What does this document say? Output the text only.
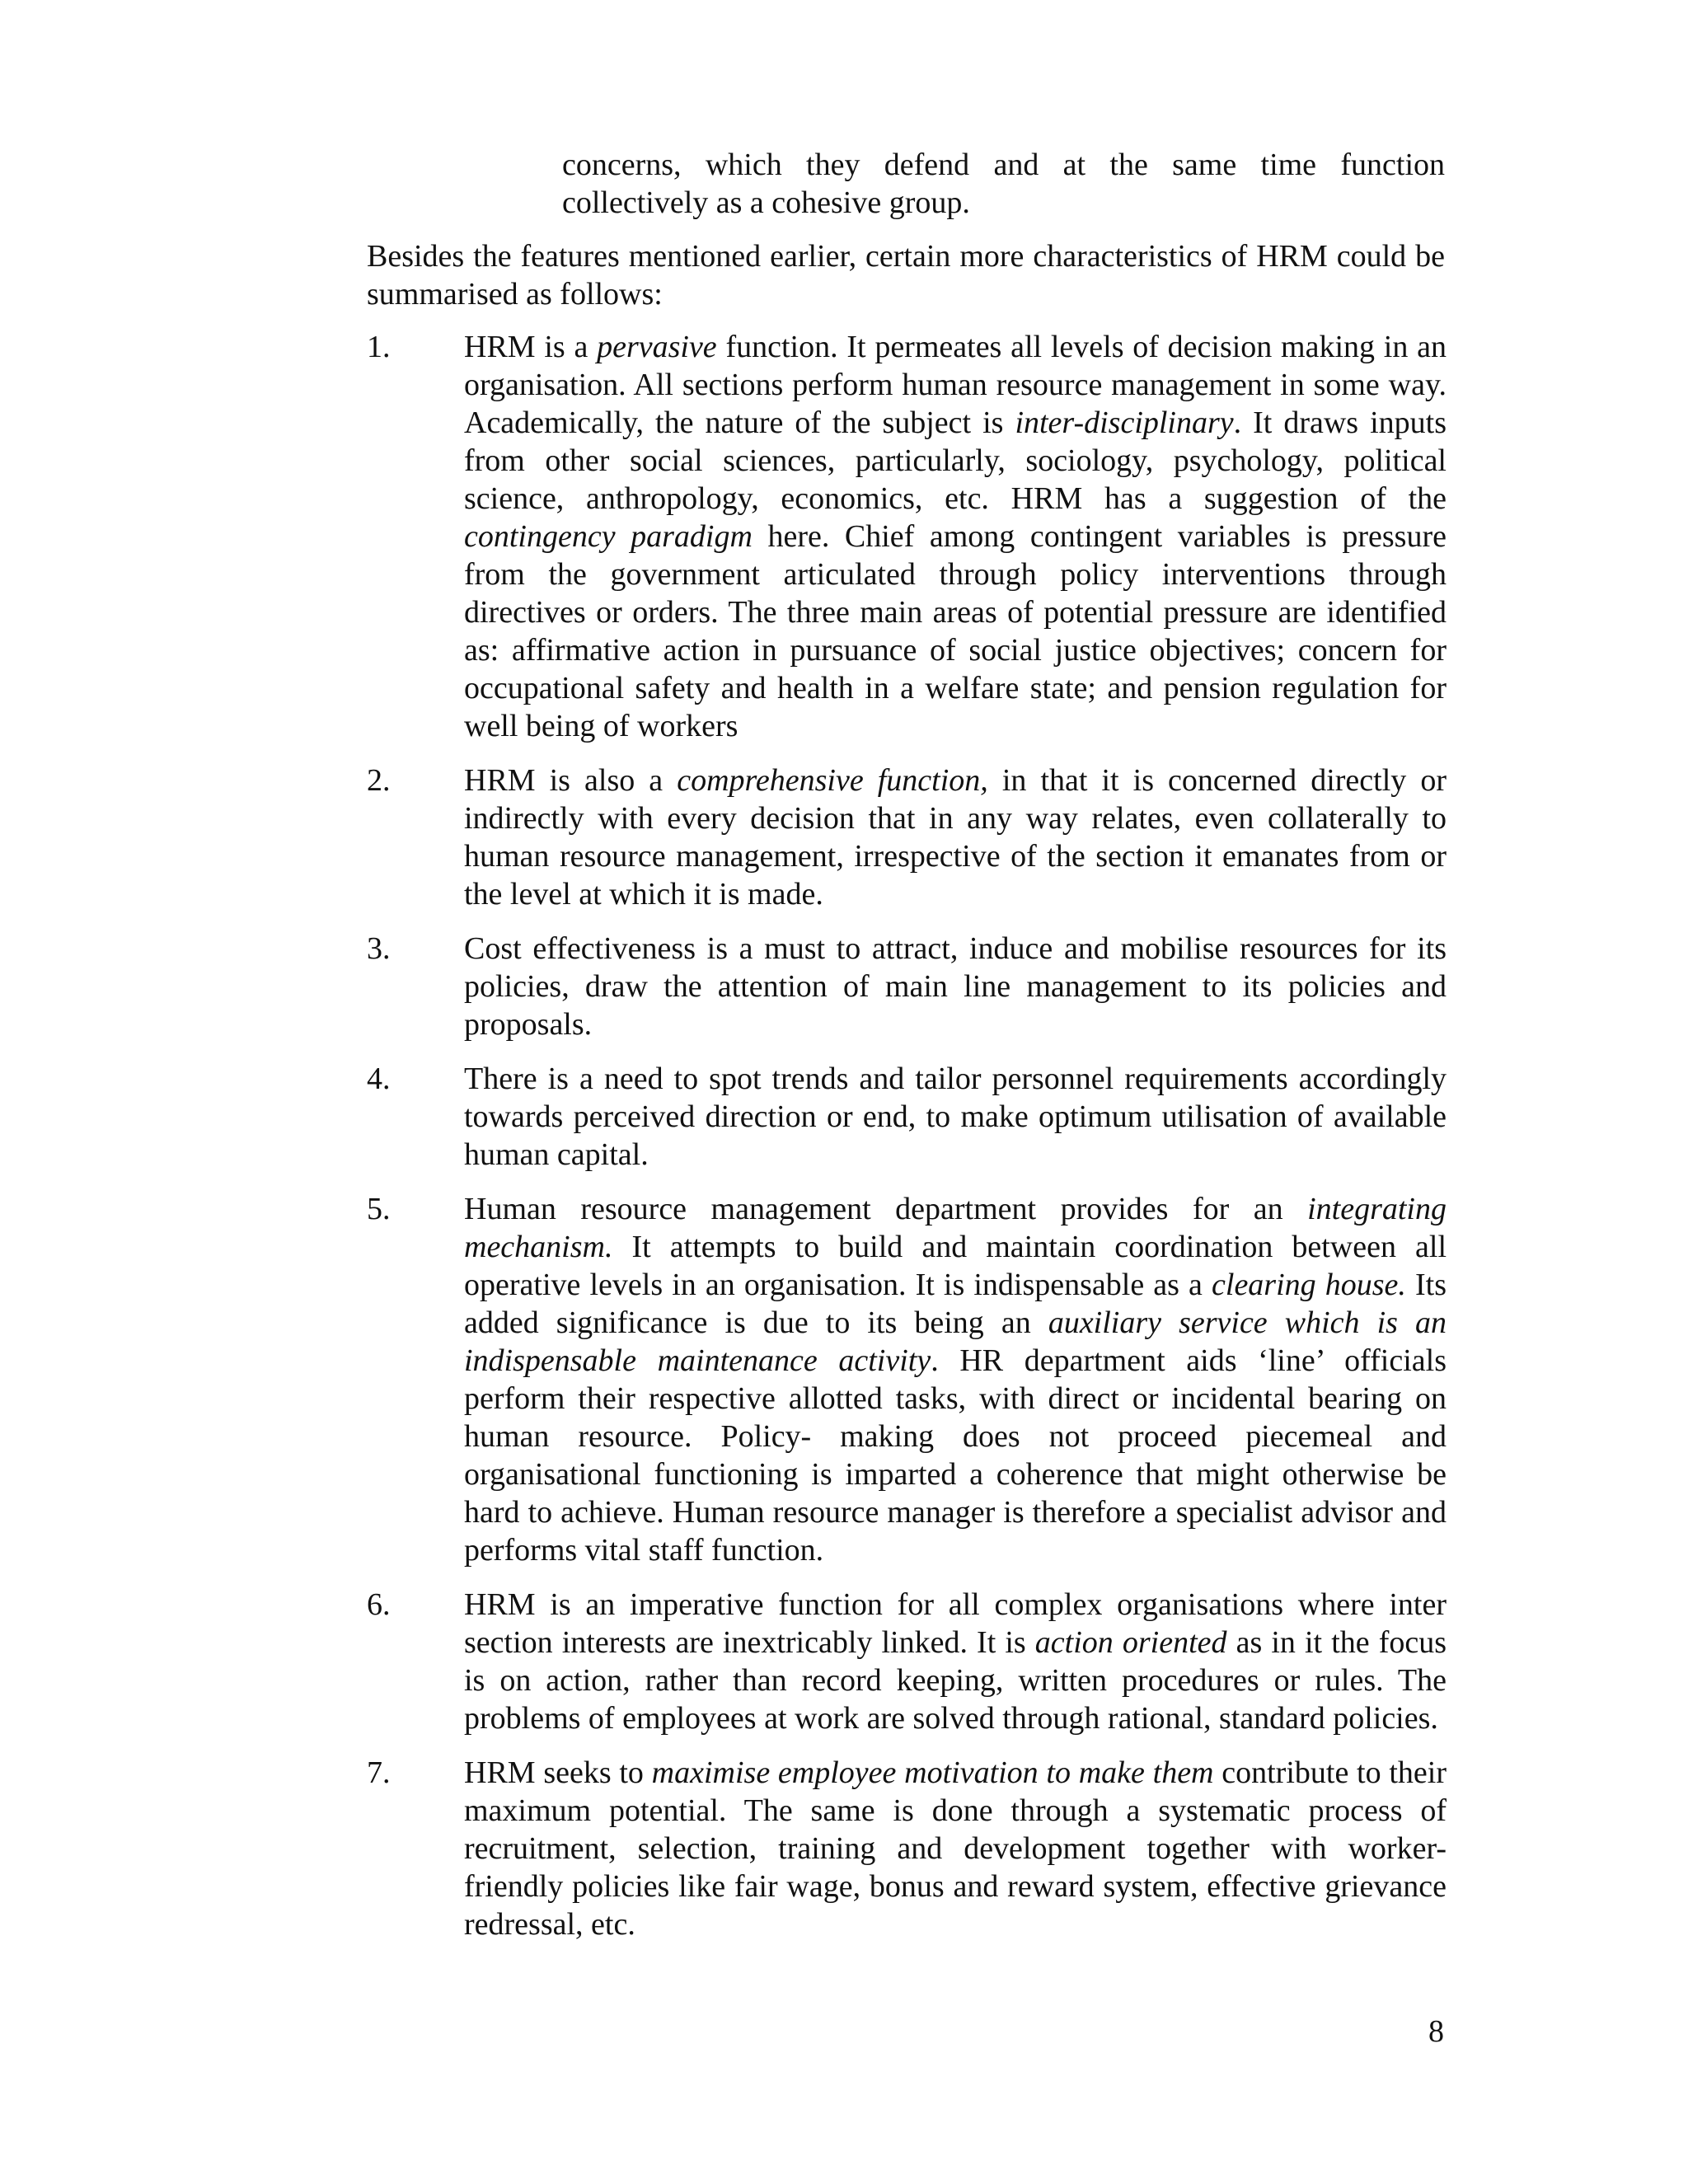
concerns, which they defend and at the same time function collectively as a cohesive group.

Besides the features mentioned earlier, certain more characteristics of HRM could be summarised as follows:

1.	HRM is a pervasive function. It permeates all levels of decision making in an organisation. All sections perform human resource management in some way. Academically, the nature of the subject is inter-disciplinary. It draws inputs from other social sciences, particularly, sociology, psychology, political science, anthropology, economics, etc. HRM has a suggestion of the contingency paradigm here. Chief among contingent variables is pressure from the government articulated through policy interventions through directives or orders. The three main areas of potential pressure are identified as: affirmative action in pursuance of social justice objectives; concern for occupational safety and health in a welfare state; and pension regulation for well being of workers
2.	HRM is also a comprehensive function, in that it is concerned directly or indirectly with every decision that in any way relates, even collaterally to human resource management, irrespective of the section it emanates from or the level at which it is made.
3.	Cost effectiveness is a must to attract, induce and mobilise resources for its policies, draw the attention of main line management to its policies and proposals.
4.	There is a need to spot trends and tailor personnel requirements accordingly towards perceived direction or end, to make optimum utilisation of available human capital.
5.	Human resource management department provides for an integrating mechanism. It attempts to build and maintain coordination between all operative levels in an organisation. It is indispensable as a clearing house. Its added significance is due to its being an auxiliary service which is an indispensable maintenance activity. HR department aids ‘line’ officials perform their respective allotted tasks, with direct or incidental bearing on human resource. Policy- making does not proceed piecemeal and organisational functioning is imparted a coherence that might otherwise be hard to achieve. Human resource manager is therefore a specialist advisor and performs vital staff function.
6.	HRM is an imperative function for all complex organisations where inter section interests are inextricably linked. It is action oriented as in it the focus is on action, rather than record keeping, written procedures or rules. The problems of employees at work are solved through rational, standard policies.
7.	HRM seeks to maximise employee motivation to make them contribute to their maximum potential. The same is done through a systematic process of recruitment, selection, training and development together with worker-friendly policies like fair wage, bonus and reward system, effective grievance redressal, etc.
8
